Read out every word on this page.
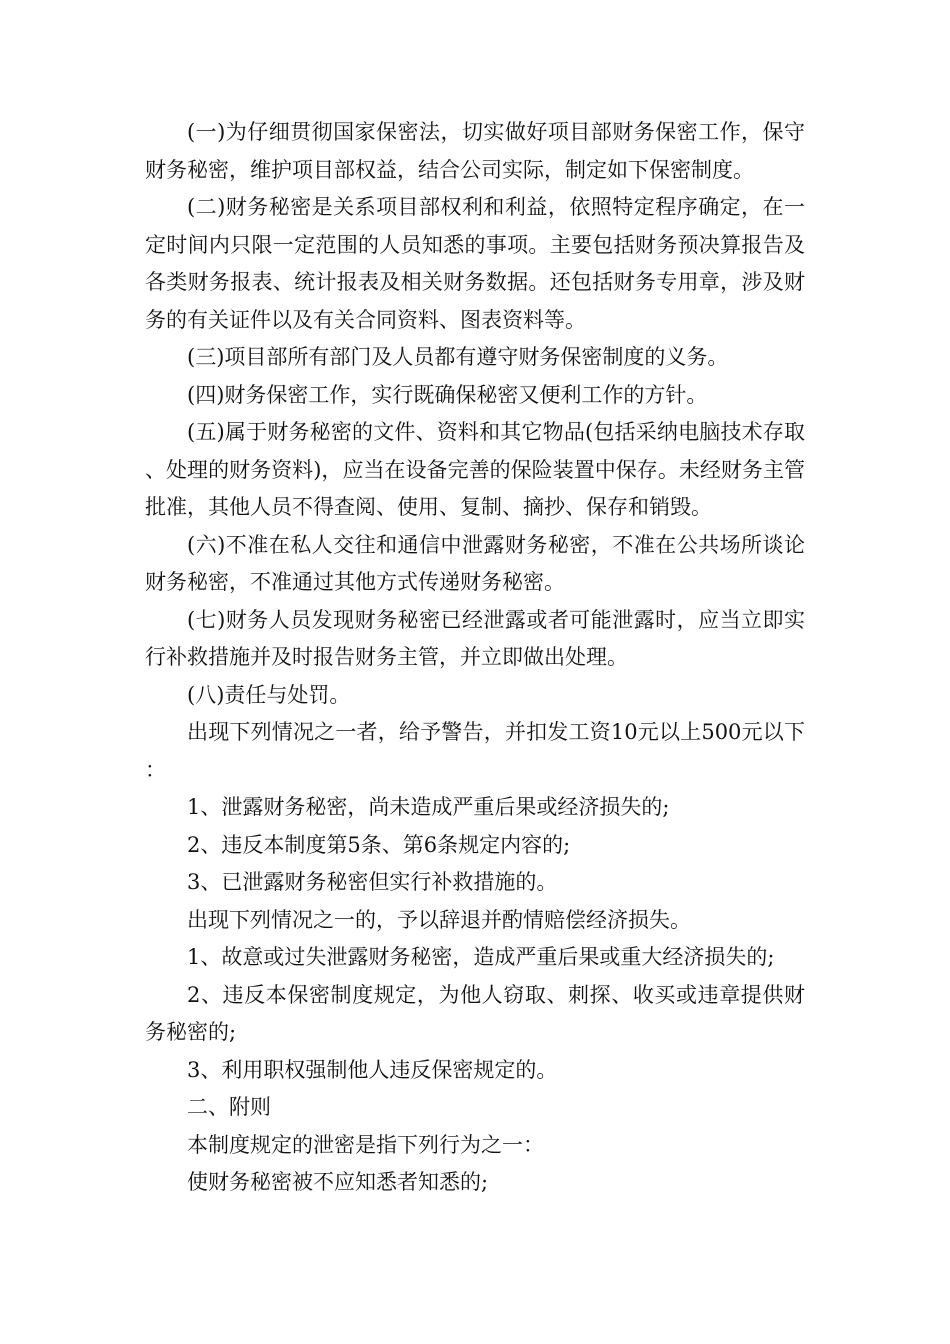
(一)为仔细贯彻国家保密法，切实做好项目部财务保密工作，保守财务秘密，维护项目部权益，结合公司实际，制定如下保密制度。

(二)财务秘密是关系项目部权利和利益，依照特定程序确定，在一定时间内只限一定范围的人员知悉的事项。主要包括财务预决算报告及各类财务报表、统计报表及相关财务数据。还包括财务专用章，涉及财务的有关证件以及有关合同资料、图表资料等。

(三)项目部所有部门及人员都有遵守财务保密制度的义务。

(四)财务保密工作，实行既确保秘密又便利工作的方针。

(五)属于财务秘密的文件、资料和其它物品(包括采纳电脑技术存取、处理的财务资料)，应当在设备完善的保险装置中保存。未经财务主管批准，其他人员不得查阅、使用、复制、摘抄、保存和销毁。

(六)不准在私人交往和通信中泄露财务秘密，不准在公共场所谈论财务秘密，不准通过其他方式传递财务秘密。

(七)财务人员发现财务秘密已经泄露或者可能泄露时，应当立即实行补救措施并及时报告财务主管，并立即做出处理。

(八)责任与处罚。

出现下列情况之一者，给予警告，并扣发工资10元以上500元以下：

1、泄露财务秘密，尚未造成严重后果或经济损失的;

2、违反本制度第5条、第6条规定内容的;

3、已泄露财务秘密但实行补救措施的。

出现下列情况之一的，予以辞退并酌情赔偿经济损失。

1、故意或过失泄露财务秘密，造成严重后果或重大经济损失的;

2、违反本保密制度规定，为他人窃取、刺探、收买或违章提供财务秘密的;

3、利用职权强制他人违反保密规定的。

二、附则

本制度规定的泄密是指下列行为之一：

使财务秘密被不应知悉者知悉的;
